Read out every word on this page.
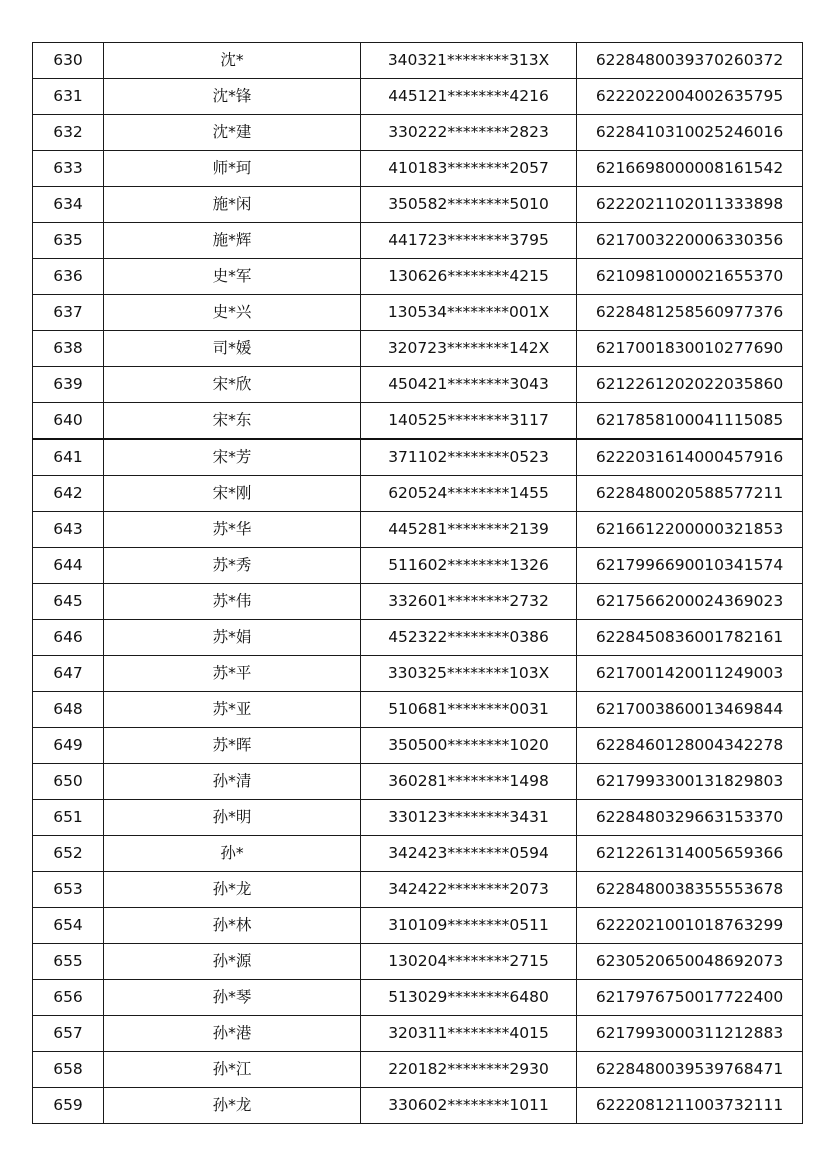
630	沈*	340321********313X	6228480039370260372
631	沈*锋	445121********4216	6222022004002635795
632	沈*建	330222********2823	6228410310025246016
633	师*珂	410183********2057	6216698000008161542
634	施*闲	350582********5010	6222021102011333898
635	施*辉	441723********3795	6217003220006330356
636	史*军	130626********4215	6210981000021655370
637	史*兴	130534********001X	6228481258560977376
638	司*媛	320723********142X	6217001830010277690
639	宋*欣	450421********3043	6212261202022035860
640	宋*东	140525********3117	6217858100041115085
641	宋*芳	371102********0523	6222031614000457916
642	宋*刚	620524********1455	6228480020588577211
643	苏*华	445281********2139	6216612200000321853
644	苏*秀	511602********1326	6217996690010341574
645	苏*伟	332601********2732	6217566200024369023
646	苏*娟	452322********0386	6228450836001782161
647	苏*平	330325********103X	6217001420011249003
648	苏*亚	510681********0031	6217003860013469844
649	苏*晖	350500********1020	6228460128004342278
650	孙*清	360281********1498	6217993300131829803
651	孙*明	330123********3431	6228480329663153370
652	孙*	342423********0594	6212261314005659366
653	孙*龙	342422********2073	6228480038355553678
654	孙*林	310109********0511	6222021001018763299
655	孙*源	130204********2715	6230520650048692073
656	孙*琴	513029********6480	6217976750017722400
657	孙*港	320311********4015	6217993000311212883
658	孙*江	220182********2930	6228480039539768471
659	孙*龙	330602********1011	6222081211003732111
